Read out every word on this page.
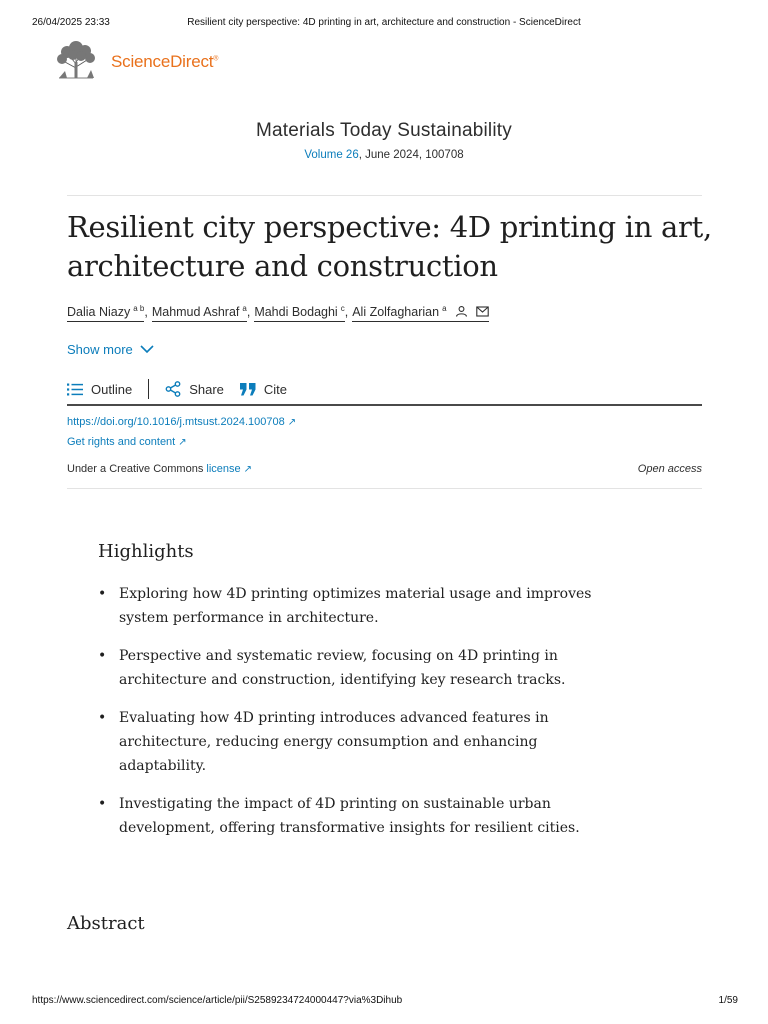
26/04/2025 23:33	Resilient city perspective: 4D printing in art, architecture and construction - ScienceDirect
ScienceDirect®
Materials Today Sustainability
Volume 26, June 2024, 100708
Resilient city perspective: 4D printing in art, architecture and construction
Dalia Niazy $^{a b}$ , Mahmud Ashraf $^a$ , Mahdi Bodaghi $^c$ , Ali Zolfagharian $^a$
Show more
Outline	Share	Cite
https://doi.org/10.1016/j.mtsust.2024.100708 ↗
Get rights and content ↗
Under a Creative Commons license ↗	Open access
Highlights
• Exploring how 4D printing optimizes material usage and improves system performance in architecture.
• Perspective and systematic review, focusing on 4D printing in architecture and construction, identifying key research tracks.
• Evaluating how 4D printing introduces advanced features in architecture, reducing energy consumption and enhancing adaptability.
• Investigating the impact of 4D printing on sustainable urban development, offering transformative insights for resilient cities.
Abstract
https://www.sciencedirect.com/science/article/pii/S2589234724000447?via%3Dihub	1/59
